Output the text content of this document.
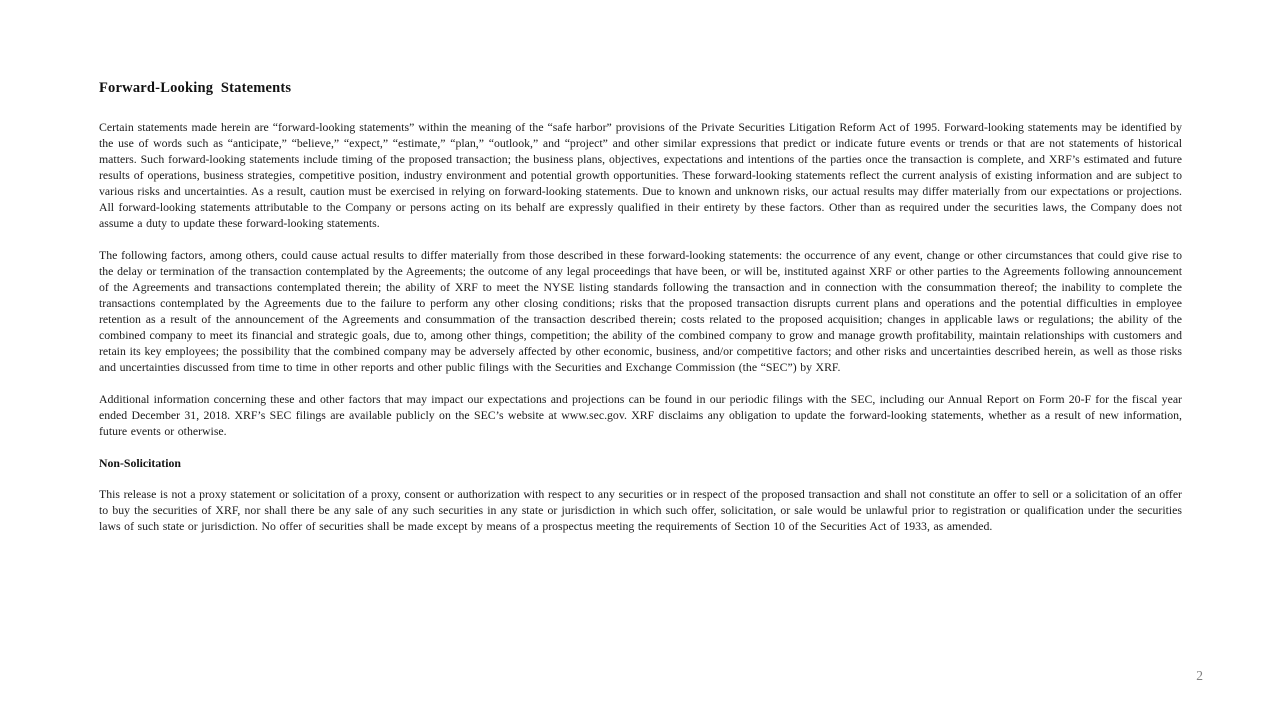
Forward-Looking  Statements

Certain statements made herein are “forward-looking statements” within the meaning of the “safe harbor” provisions of the Private Securities Litigation Reform Act of 1995. Forward-looking statements may be identified by the use of words such as “anticipate,” “believe,” “expect,” “estimate,” “plan,” “outlook,” and “project” and other similar expressions that predict or indicate future events or trends or that are not statements of historical matters. Such forward-looking statements include timing of the proposed transaction; the business plans, objectives, expectations and intentions of the parties once the transaction is complete, and XRF’s estimated and future results of operations, business strategies, competitive position, industry environment and potential growth opportunities. These forward-looking statements reflect the current analysis of existing information and are subject to various risks and uncertainties. As a result, caution must be exercised in relying on forward-looking statements. Due to known and unknown risks, our actual results may differ materially from our expectations or projections. All forward-looking statements attributable to the Company or persons acting on its behalf are expressly qualified in their entirety by these factors. Other than as required under the securities laws, the Company does not assume a duty to update these forward-looking statements.

The following factors, among others, could cause actual results to differ materially from those described in these forward-looking statements: the occurrence of any event, change or other circumstances that could give rise to the delay or termination of the transaction contemplated by the Agreements; the outcome of any legal proceedings that have been, or will be, instituted against XRF or other parties to the Agreements following announcement of the Agreements and transactions contemplated therein; the ability of XRF to meet the NYSE listing standards following the transaction and in connection with the consummation thereof; the inability to complete the transactions contemplated by the Agreements due to the failure to perform any other closing conditions; risks that the proposed transaction disrupts current plans and operations and the potential difficulties in employee retention as a result of the announcement of the Agreements and consummation of the transaction described therein; costs related to the proposed acquisition; changes in applicable laws or regulations; the ability of the combined company to meet its financial and strategic goals, due to, among other things, competition; the ability of the combined company to grow and manage growth profitability, maintain relationships with customers and retain its key employees; the possibility that the combined company may be adversely affected by other economic, business, and/or competitive factors; and other risks and uncertainties described herein, as well as those risks and uncertainties discussed from time to time in other reports and other public filings with the Securities and Exchange Commission (the “SEC”) by XRF.

Additional information concerning these and other factors that may impact our expectations and projections can be found in our periodic filings with the SEC, including our Annual Report on Form 20-F for the fiscal year ended December 31, 2018. XRF’s SEC filings are available publicly on the SEC’s website at www.sec.gov. XRF disclaims any obligation to update the forward-looking statements, whether as a result of new information, future events or otherwise.

Non-Solicitation

This release is not a proxy statement or solicitation of a proxy, consent or authorization with respect to any securities or in respect of the proposed transaction and shall not constitute an offer to sell or a solicitation of an offer to buy the securities of XRF, nor shall there be any sale of any such securities in any state or jurisdiction in which such offer, solicitation, or sale would be unlawful prior to registration or qualification under the securities laws of such state or jurisdiction. No offer of securities shall be made except by means of a prospectus meeting the requirements of Section 10 of the Securities Act of 1933, as amended.

2
